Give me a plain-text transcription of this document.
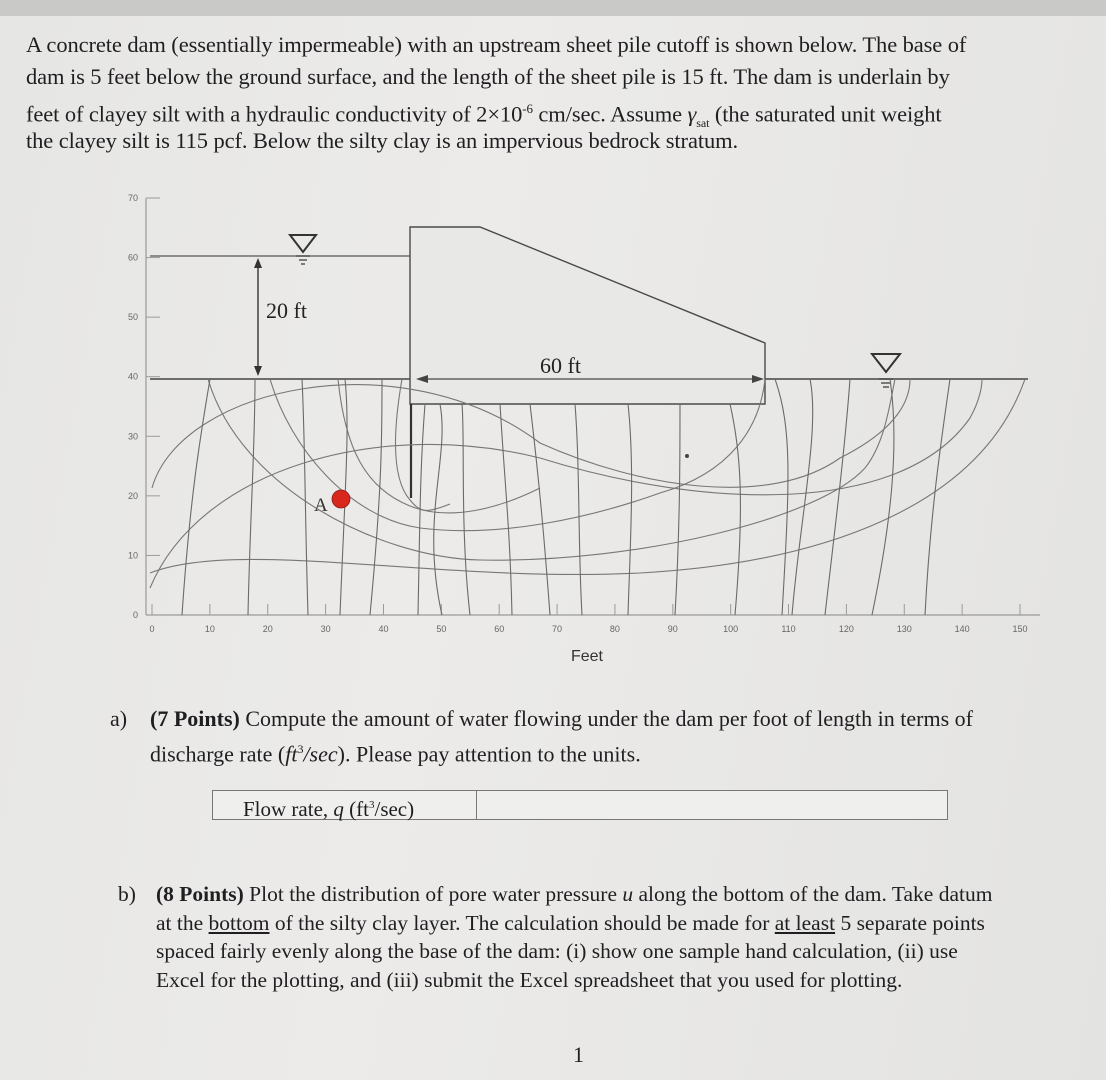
A concrete dam (essentially impermeable) with an upstream sheet pile cutoff is shown below. The base of
dam is 5 feet below the ground surface, and the length of the sheet pile is 15 ft. The dam is underlain by
feet of clayey silt with a hydraulic conductivity of $2\times 10^{-6}$ cm/sec. Assume $\gamma_{sat}$ (the saturated unit weight
the clayey silt is 115 pcf. Below the silty clay is an impervious bedrock stratum.
70
60
50
40
30
20
10
0
0	10	20	30	40	50	60	70	80	90	100	110	120	130	140	150
Feet
20 ft
60 ft
A
a) (7 Points) Compute the amount of water flowing under the dam per foot of length in terms of
discharge rate $(ft^3/\sec)$. Please pay attention to the units.
Flow rate, q $(ft^3/\sec)$
b) (8 Points) Plot the distribution of pore water pressure u along the bottom of the dam. Take datum
at the bottom of the silty clay layer. The calculation should be made for at least 5 separate points
spaced fairly evenly along the base of the dam: (i) show one sample hand calculation, (ii) use
Excel for the plotting, and (iii) submit the Excel spreadsheet that you used for plotting.
1
